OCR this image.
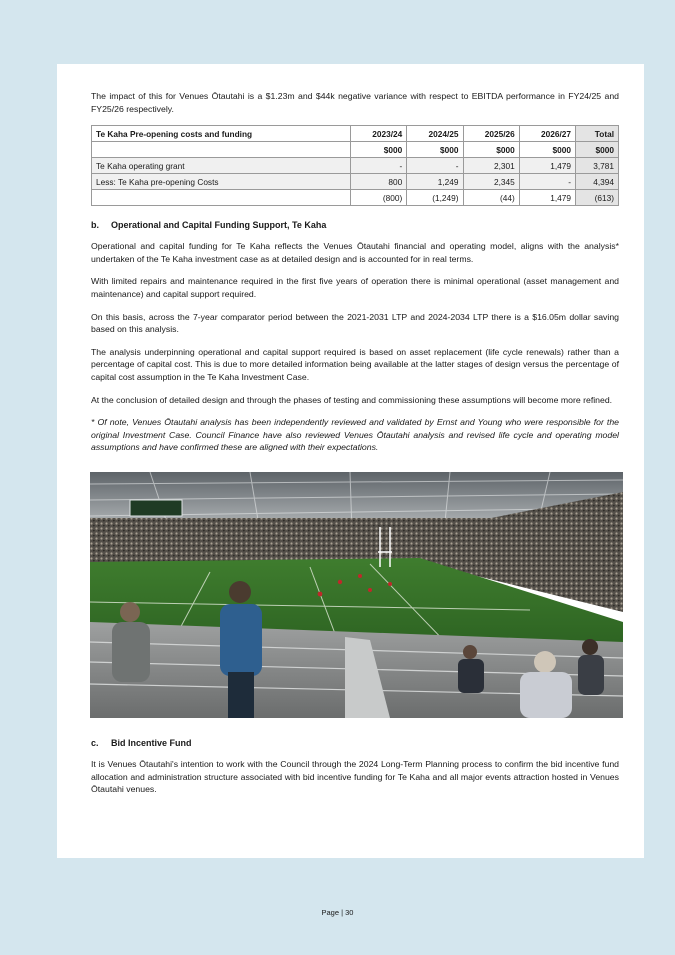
The impact of this for Venues Ōtautahi is a $1.23m and $44k negative variance with respect to EBITDA performance in FY24/25 and FY25/26 respectively.

Te Kaha Pre-opening costs and funding	2023/24	2024/25	2025/26	2026/27	Total
	$000	$000	$000	$000	$000
Te Kaha operating grant	-	-	2,301	1,479	3,781
Less: Te Kaha pre-opening Costs	800	1,249	2,345	-	4,394
	(800)	(1,249)	(44)	1,479	(613)
b.	Operational and Capital Funding Support, Te Kaha

Operational and capital funding for Te Kaha reflects the Venues Ōtautahi financial and operating model, aligns with the analysis* undertaken of the Te Kaha investment case as at detailed design and is accounted for in real terms.

With limited repairs and maintenance required in the first five years of operation there is minimal operational (asset management and maintenance) and capital support required.

On this basis, across the 7-year comparator period between the 2021-2031 LTP and 2024-2034 LTP there is a $16.05m dollar saving based on this analysis.

The analysis underpinning operational and capital support required is based on asset replacement (life cycle renewals) rather than a percentage of capital cost. This is due to more detailed information being available at the latter stages of design versus the percentage of capital cost assumption in the Te Kaha Investment Case.

At the conclusion of detailed design and through the phases of testing and commissioning these assumptions will become more refined.

* Of note, Venues Ōtautahi analysis has been independently reviewed and validated by Ernst and Young who were responsible for the original Investment Case. Council Finance have also reviewed Venues Ōtautahi analysis and revised life cycle and operating model assumptions and have confirmed these are aligned with their expectations.

c.	Bid Incentive Fund

It is Venues Ōtautahi's intention to work with the Council through the 2024 Long-Term Planning process to confirm the bid incentive fund allocation and administration structure associated with bid incentive funding for Te Kaha and all major events attraction hosted in Venues Ōtautahi venues.

Page | 30
